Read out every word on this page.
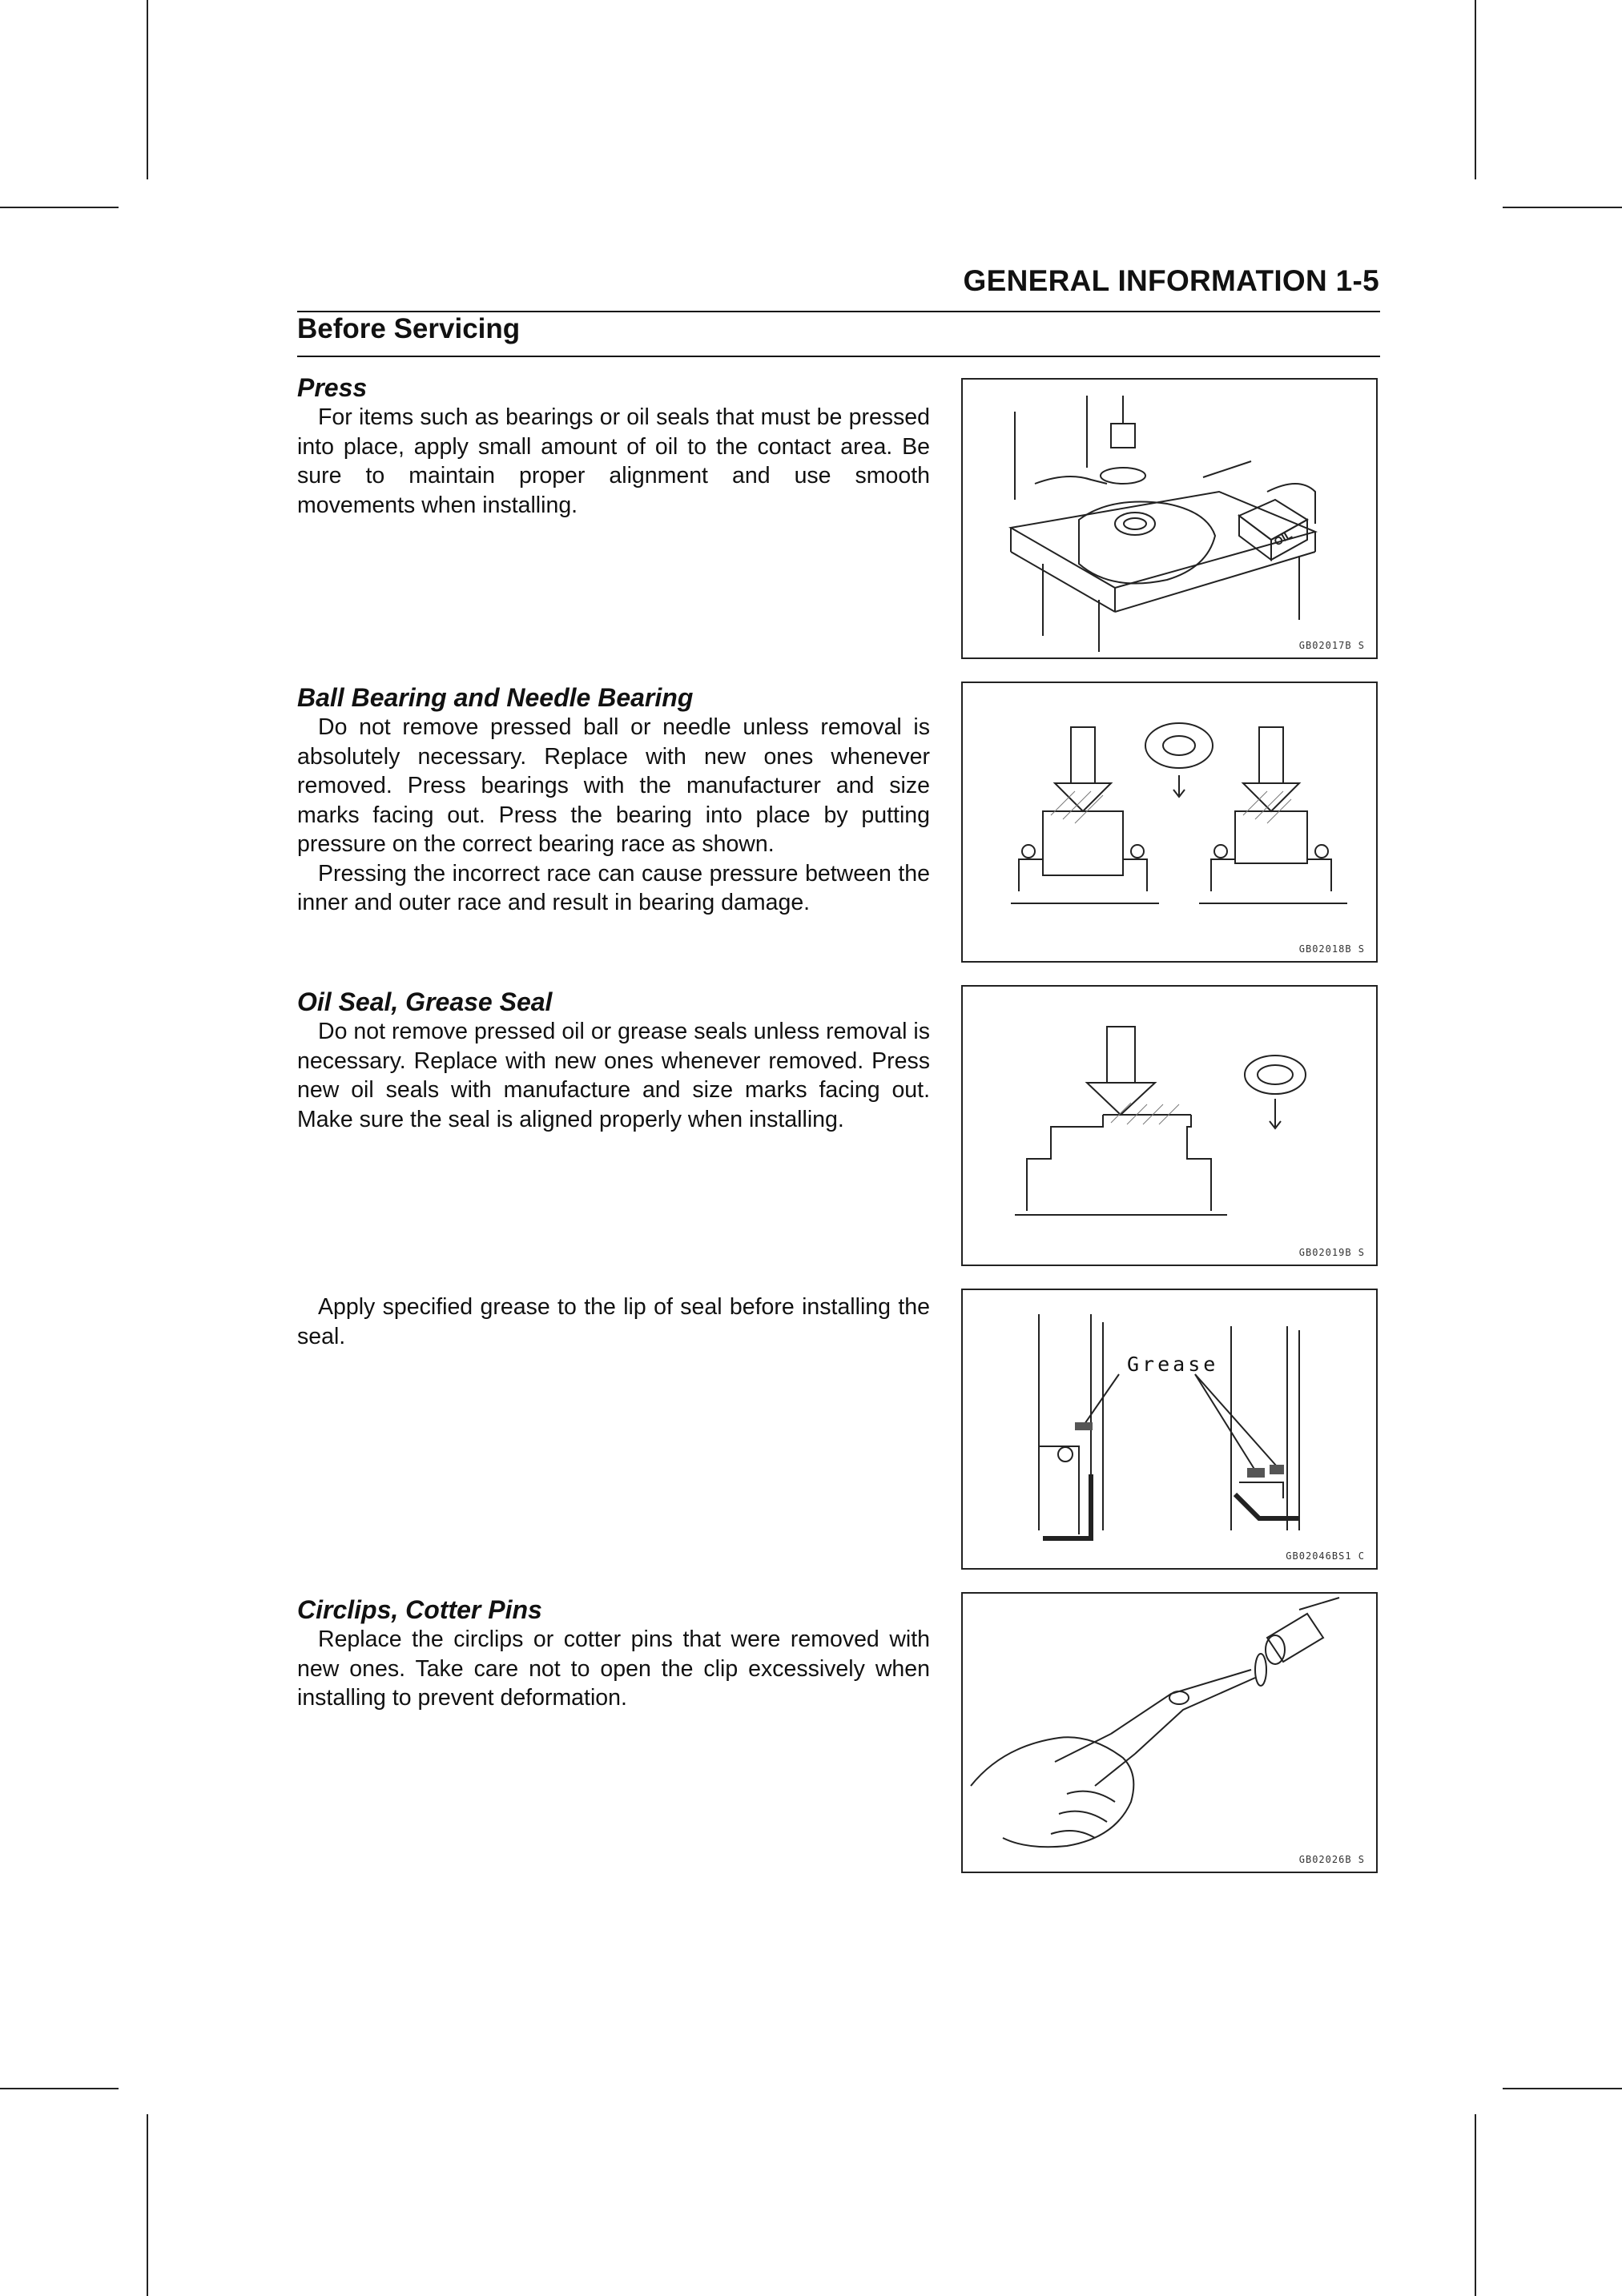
GENERAL INFORMATION 1-5
Before Servicing
Press

For items such as bearings or oil seals that must be pressed into place, apply small amount of oil to the contact area. Be sure to maintain proper alignment and use smooth movements when installing.

OIL
GB02017B S
Ball Bearing and Needle Bearing

Do not remove pressed ball or needle unless removal is absolutely necessary. Replace with new ones whenever removed. Press bearings with the manufacturer and size marks facing out. Press the bearing into place by putting pressure on the correct bearing race as shown.

Pressing the incorrect race can cause pressure between the inner and outer race and result in bearing damage.

GB02018B S
Oil Seal, Grease Seal

Do not remove pressed oil or grease seals unless removal is necessary. Replace with new ones whenever removed. Press new oil seals with manufacture and size marks facing out. Make sure the seal is aligned properly when installing.

GB02019B S

Apply specified grease to the lip of seal before installing the seal.

Grease
GB02046BS1 C
Circlips, Cotter Pins

Replace the circlips or cotter pins that were removed with new ones. Take care not to open the clip excessively when installing to prevent deformation.

GB02026B S
